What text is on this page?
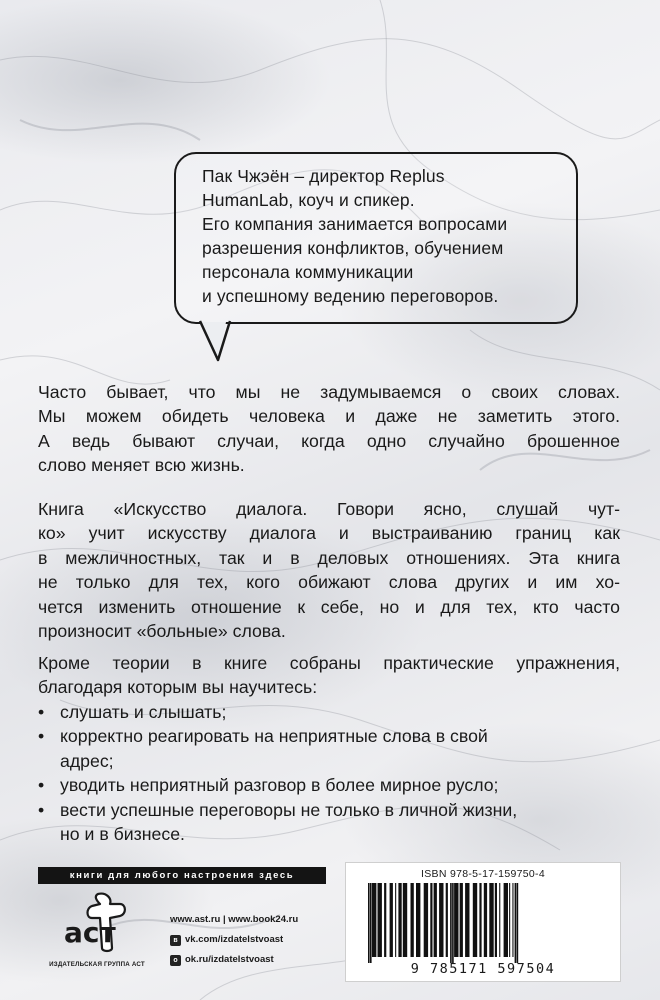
Пак Чжэён – директор Replus
HumanLab, коуч и спикер.
Его компания занимается вопросами
разрешения конфликтов, обучением
персонала коммуникации
и успешному ведению переговоров.
Часто бывает, что мы не задумываемся о своих словах.
Мы можем обидеть человека и даже не заметить этого.
А ведь бывают случаи, когда одно случайно брошенное
слово меняет всю жизнь.
Книга «Искусство диалога. Говори ясно, слушай чут-
ко» учит искусству диалога и выстраиванию границ как
в межличностных, так и в деловых отношениях. Эта книга
не только для тех, кого обижают слова других и им хо-
чется изменить отношение к себе, но и для тех, кто часто
произносит «больные» слова.
Кроме теории в книге собраны практические упражнения,
благодаря которым вы научитесь:
• слушать и слышать;
• корректно реагировать на неприятные слова в свой
адрес;
• уводить неприятный разговор в более мирное русло;
• вести успешные переговоры не только в личной жизни,
но и в бизнесе.
книги для любого настроения здесь
аст
ИЗДАТЕЛЬСКАЯ ГРУППА АСТ
www.ast.ru | www.book24.ru
в vk.com/izdatelstvoast
о ok.ru/izdatelstvoast
ISBN 978-5-17-159750-4
9 785171 597504
